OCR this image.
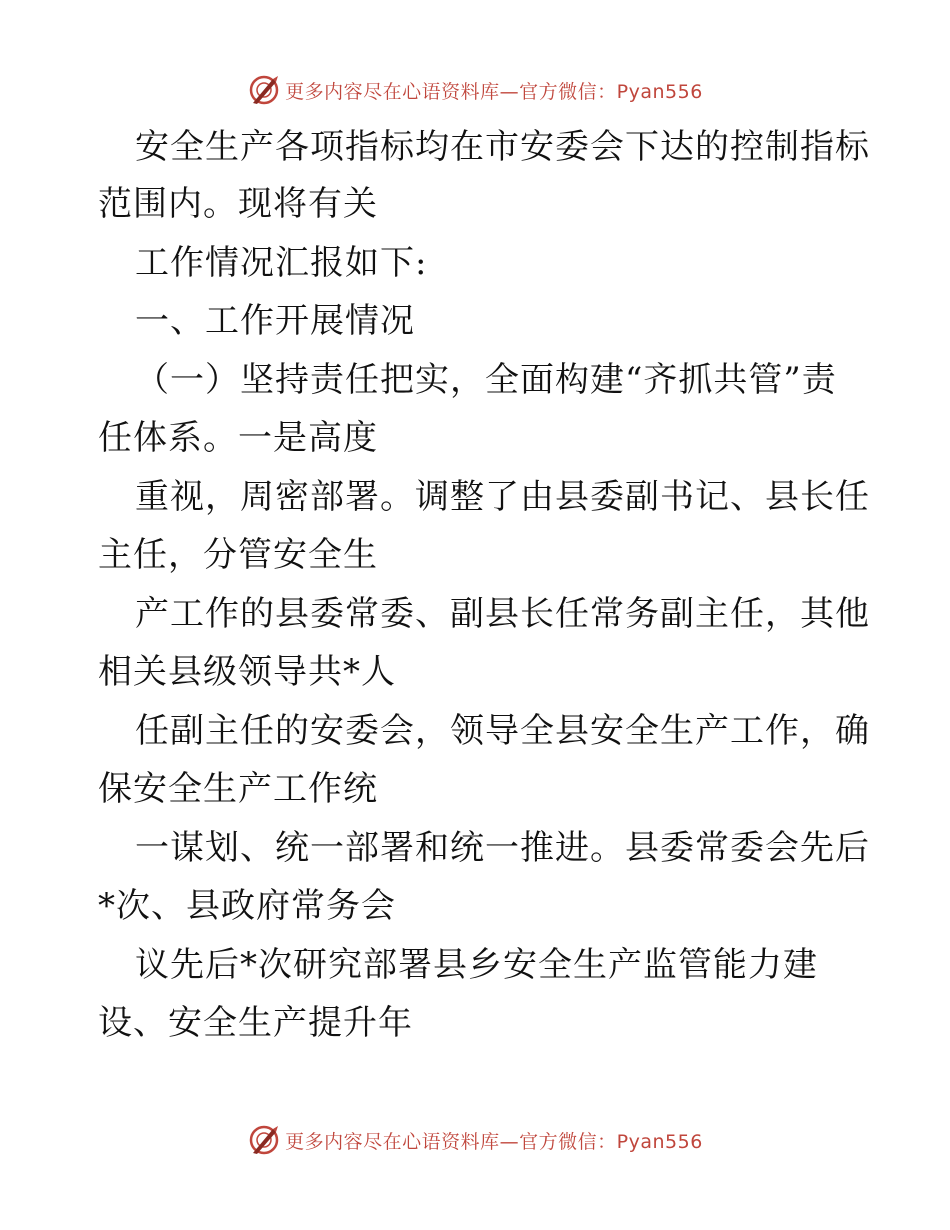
更多内容尽在心语资料库—官方微信：Pyan556
安全生产各项指标均在市安委会下达的控制指标
范围内。现将有关
工作情况汇报如下:
一、工作开展情况
（一）坚持责任把实，全面构建“齐抓共管”责
任体系。一是高度
重视，周密部署。调整了由县委副书记、县长任
主任，分管安全生
产工作的县委常委、副县长任常务副主任，其他
相关县级领导共*人
任副主任的安委会，领导全县安全生产工作，确
保安全生产工作统
一谋划、统一部署和统一推进。县委常委会先后
*次、县政府常务会
议先后*次研究部署县乡安全生产监管能力建
设、安全生产提升年
更多内容尽在心语资料库—官方微信：Pyan556
